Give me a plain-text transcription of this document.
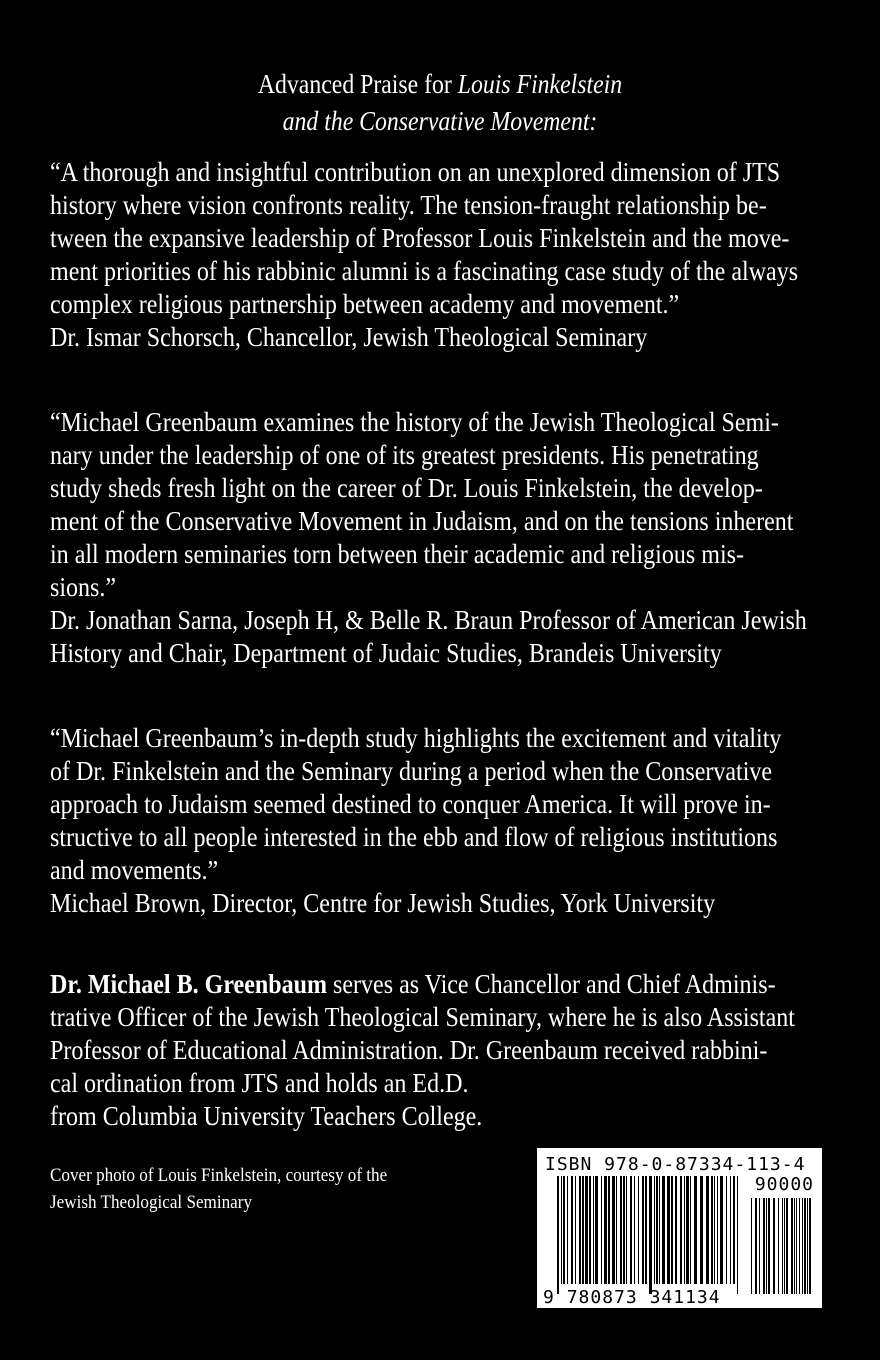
Advanced Praise for Louis Finkelstein
and the Conservative Movement:
“A thorough and insightful contribution on an unexplored dimension of JTS
history where vision confronts reality. The tension-fraught relationship be-
tween the expansive leadership of Professor Louis Finkelstein and the move-
ment priorities of his rabbinic alumni is a fascinating case study of the always
complex religious partnership between academy and movement.”
Dr. Ismar Schorsch, Chancellor, Jewish Theological Seminary
“Michael Greenbaum examines the history of the Jewish Theological Semi-
nary under the leadership of one of its greatest presidents. His penetrating
study sheds fresh light on the career of Dr. Louis Finkelstein, the develop-
ment of the Conservative Movement in Judaism, and on the tensions inherent
in all modern seminaries torn between their academic and religious mis-
sions.”
Dr. Jonathan Sarna, Joseph H, & Belle R. Braun Professor of American Jewish
History and Chair, Department of Judaic Studies, Brandeis University
“Michael Greenbaum’s in-depth study highlights the excitement and vitality
of Dr. Finkelstein and the Seminary during a period when the Conservative
approach to Judaism seemed destined to conquer America. It will prove in-
structive to all people interested in the ebb and flow of religious institutions
and movements.”
Michael Brown, Director, Centre for Jewish Studies, York University
Dr. Michael B. Greenbaum serves as Vice Chancellor and Chief Adminis-
trative Officer of the Jewish Theological Seminary, where he is also Assistant
Professor of Educational Administration. Dr. Greenbaum received rabbini-
cal ordination from JTS and holds an Ed.D.
from Columbia University Teachers College.
Cover photo of Louis Finkelstein, courtesy of the
Jewish Theological Seminary
ISBN 978-0-87334-113-4
90000
9 780873 341134
